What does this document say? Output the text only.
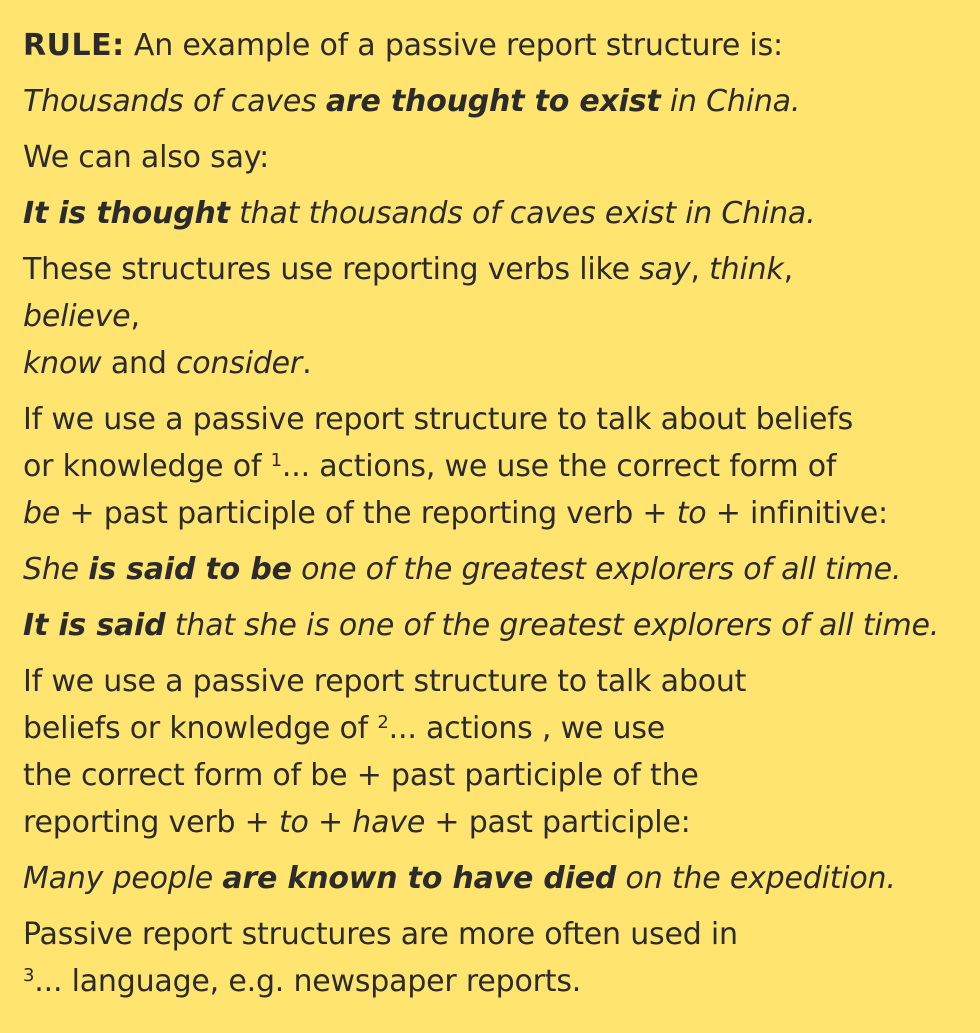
RULE: An example of a passive report structure is:
Thousands of caves are thought to exist in China.
We can also say:
It is thought that thousands of caves exist in China.
These structures use reporting verbs like say, think,
believe,
know and consider.
If we use a passive report structure to talk about beliefs
or knowledge of $^1$... actions, we use the correct form of
be + past participle of the reporting verb + to + infinitive:
She is said to be one of the greatest explorers of all time.
It is said that she is one of the greatest explorers of all time.
If we use a passive report structure to talk about
beliefs or knowledge of $^2$... actions , we use
the correct form of be + past participle of the
reporting verb + to + have + past participle:
Many people are known to have died on the expedition.
Passive report structures are more often used in
$^3$... language, e.g. newspaper reports.
